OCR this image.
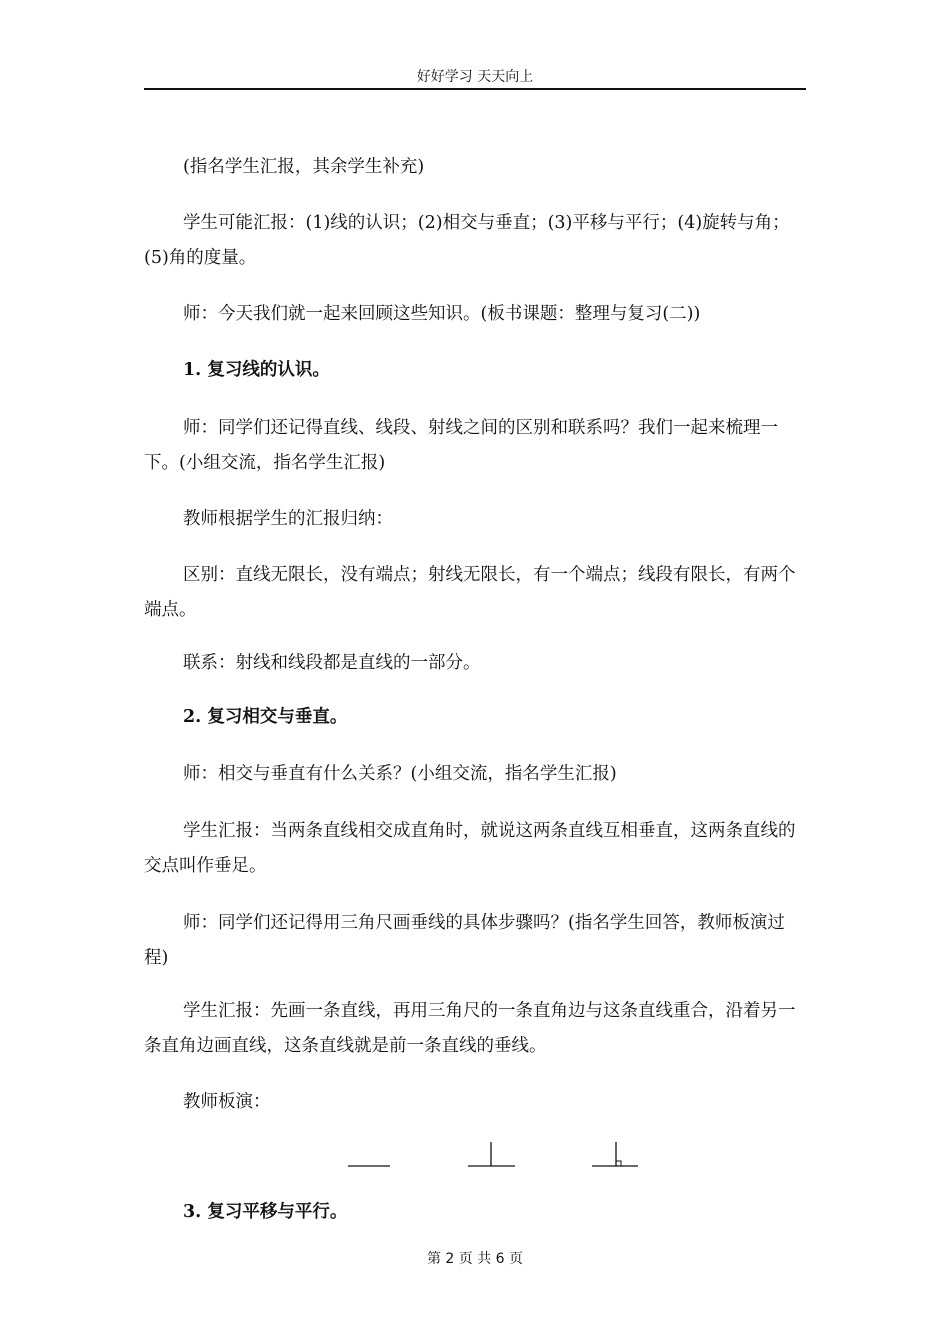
好好学习 天天向上

(指名学生汇报，其余学生补充)

学生可能汇报：(1)线的认识；(2)相交与垂直；(3)平移与平行；(4)旋转与角；(5)角的度量。

师：今天我们就一起来回顾这些知识。(板书课题：整理与复习(二))

1. 复习线的认识。

师：同学们还记得直线、线段、射线之间的区别和联系吗？我们一起来梳理一下。(小组交流，指名学生汇报)

教师根据学生的汇报归纳：

区别：直线无限长，没有端点；射线无限长，有一个端点；线段有限长，有两个端点。

联系：射线和线段都是直线的一部分。

2. 复习相交与垂直。

师：相交与垂直有什么关系？(小组交流，指名学生汇报)

学生汇报：当两条直线相交成直角时，就说这两条直线互相垂直，这两条直线的交点叫作垂足。

师：同学们还记得用三角尺画垂线的具体步骤吗？(指名学生回答，教师板演过程)

学生汇报：先画一条直线，再用三角尺的一条直角边与这条直线重合，沿着另一条直角边画直线，这条直线就是前一条直线的垂线。

教师板演：

3. 复习平移与平行。

第 2 页 共 6 页
